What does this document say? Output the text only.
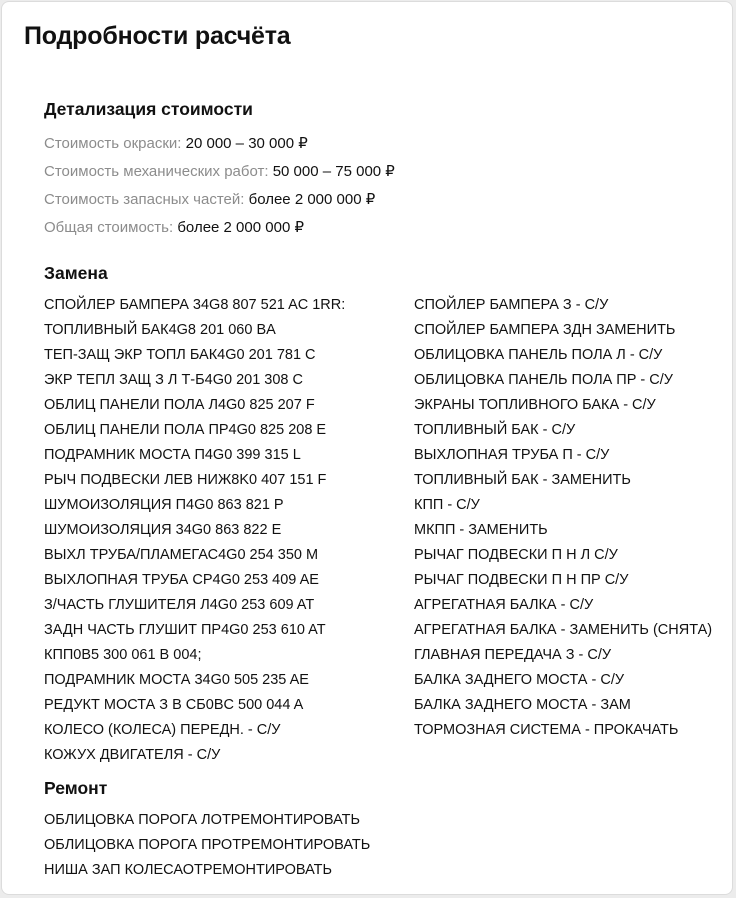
Подробности расчёта
Детализация стоимости
Стоимость окраски: 20 000 – 30 000 ₽
Стоимость механических работ: 50 000 – 75 000 ₽
Стоимость запасных частей: более 2 000 000 ₽
Общая стоимость: более 2 000 000 ₽
Замена
СПОЙЛЕР БАМПЕРА 34G8 807 521 AC 1RR:
ТОПЛИВНЫЙ БАК4G8 201 060 BA
ТЕП-ЗАЩ ЭКР ТОПЛ БАК4G0 201 781 C
ЭКР ТЕПЛ ЗАЩ З Л Т-Б4G0 201 308 C
ОБЛИЦ ПАНЕЛИ ПОЛА Л4G0 825 207 F
ОБЛИЦ ПАНЕЛИ ПОЛА ПР4G0 825 208 E
ПОДРАМНИК МОСТА П4G0 399 315 L
РЫЧ ПОДВЕСКИ ЛЕВ НИЖ8K0 407 151 F
ШУМОИЗОЛЯЦИЯ П4G0 863 821 P
ШУМОИЗОЛЯЦИЯ 34G0 863 822 E
ВЫХЛ ТРУБА/ПЛАМЕГАС4G0 254 350 M
ВЫХЛОПНАЯ ТРУБА СР4G0 253 409 AE
З/ЧАСТЬ ГЛУШИТЕЛЯ Л4G0 253 609 AT
ЗАДН ЧАСТЬ ГЛУШИТ ПР4G0 253 610 AT
КПП0B5 300 061 B 004;
ПОДРАМНИК МОСТА 34G0 505 235 AE
РЕДУКТ МОСТА З В СБ0BC 500 044 A
КОЛЕСО (КОЛЕСА) ПЕРЕДН. - С/У
КОЖУХ ДВИГАТЕЛЯ - С/У
СПОЙЛЕР БАМПЕРА З - С/У
СПОЙЛЕР БАМПЕРА ЗДН ЗАМЕНИТЬ
ОБЛИЦОВКА ПАНЕЛЬ ПОЛА Л - С/У
ОБЛИЦОВКА ПАНЕЛЬ ПОЛА ПР - С/У
ЭКРАНЫ ТОПЛИВНОГО БАКА - С/У
ТОПЛИВНЫЙ БАК - С/У
ВЫХЛОПНАЯ ТРУБА П - С/У
ТОПЛИВНЫЙ БАК - ЗАМЕНИТЬ
КПП - С/У
МКПП - ЗАМЕНИТЬ
РЫЧАГ ПОДВЕСКИ П Н Л С/У
РЫЧАГ ПОДВЕСКИ П Н ПР С/У
АГРЕГАТНАЯ БАЛКА - С/У
АГРЕГАТНАЯ БАЛКА - ЗАМЕНИТЬ (СНЯТА)
ГЛАВНАЯ ПЕРЕДАЧА З - С/У
БАЛКА ЗАДНЕГО МОСТА - С/У
БАЛКА ЗАДНЕГО МОСТА - ЗАМ
ТОРМОЗНАЯ СИСТЕМА - ПРОКАЧАТЬ
Ремонт
ОБЛИЦОВКА ПОРОГА ЛОТРЕМОНТИРОВАТЬ
ОБЛИЦОВКА ПОРОГА ПРОТРЕМОНТИРОВАТЬ
НИША ЗАП КОЛЕСАОТРЕМОНТИРОВАТЬ
